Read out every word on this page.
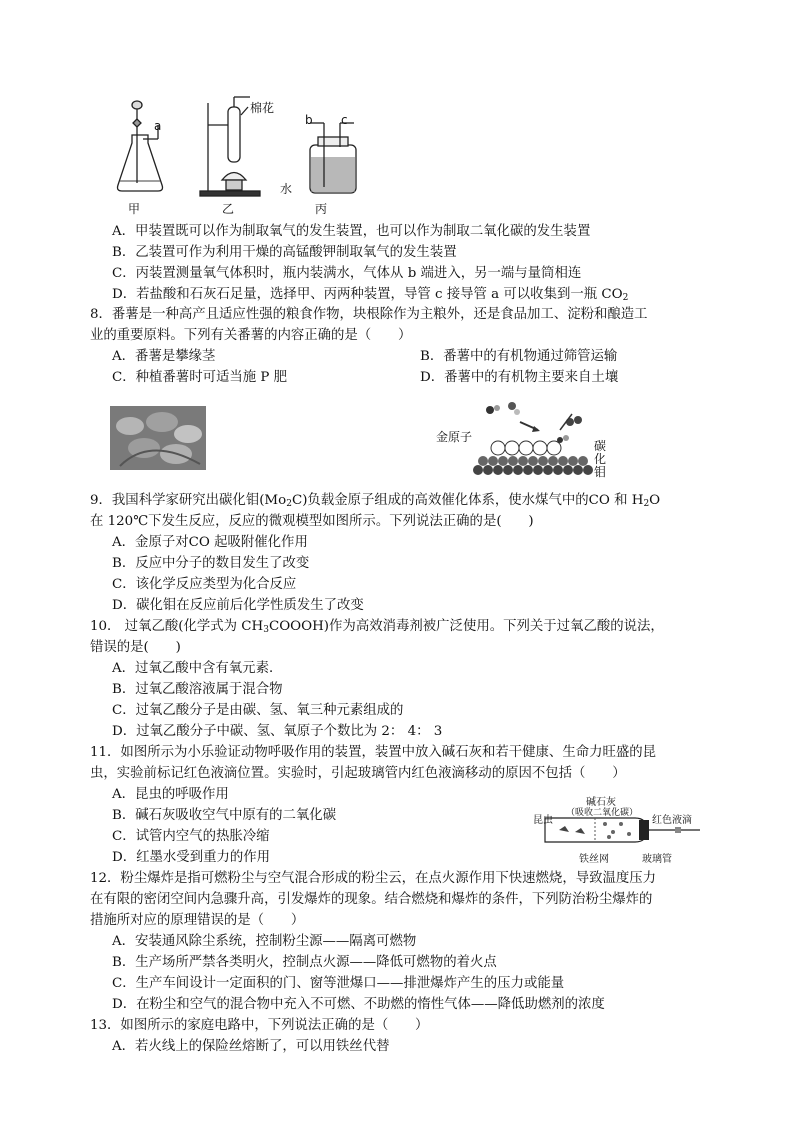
甲	乙	丙
a
棉花
b c
水
A．甲装置既可以作为制取氧气的发生装置，也可以作为制取二氧化碳的发生装置
B．乙装置可作为利用干燥的高锰酸钾制取氧气的发生装置
C．丙装置测量氧气体积时，瓶内装满水，气体从 b 端进入，另一端与量筒相连
D．若盐酸和石灰石足量，选择甲、丙两种装置，导管 c 接导管 a 可以收集到一瓶 $CO_2$
8．番薯是一种高产且适应性强的粮食作物，块根除作为主粮外，还是食品加工、淀粉和酿造工
业的重要原料。下列有关番薯的内容正确的是（　　）
A．番薯是攀缘茎	B．番薯中的有机物通过筛管运输
C．种植番薯时可适当施 P 肥	D．番薯中的有机物主要来自土壤
金原子
碳
化
钼
9．我国科学家研究出碳化钼$(Mo_2C)$负载金原子组成的高效催化体系，使水煤气中的CO 和 $H_2O$
在 120℃下发生反应，反应的微观模型如图所示。下列说法正确的是(　　)
A．金原子对CO 起吸附催化作用
B．反应中分子的数目发生了改变
C．该化学反应类型为化合反应
D．碳化钼在反应前后化学性质发生了改变
10． 过氧乙酸(化学式为 $CH_3COOOH$)作为高效消毒剂被广泛使用。下列关于过氧乙酸的说法，
错误的是(　　)
A．过氧乙酸中含有氧元素．
B．过氧乙酸溶液属于混合物
C．过氧乙酸分子是由碳、氢、氧三种元素组成的
D．过氧乙酸分子中碳、氢、氧原子个数比为 2： 4： 3
11．如图所示为小乐验证动物呼吸作用的装置，装置中放入碱石灰和若干健康、生命力旺盛的昆
虫，实验前标记红色液滴位置。实验时，引起玻璃管内红色液滴移动的原因不包括（　　）
A．昆虫的呼吸作用
B．碱石灰吸收空气中原有的二氧化碳
C．试管内空气的热胀冷缩
D．红墨水受到重力的作用
碱石灰
（吸收二氧化碳）
昆虫	红色液滴
铁丝网	玻璃管
12．粉尘爆炸是指可燃粉尘与空气混合形成的粉尘云，在点火源作用下快速燃烧，导致温度压力
在有限的密闭空间内急骤升高，引发爆炸的现象。结合燃烧和爆炸的条件，下列防治粉尘爆炸的
措施所对应的原理错误的是（　　）
A．安装通风除尘系统，控制粉尘源——隔离可燃物
B．生产场所严禁各类明火，控制点火源——降低可燃物的着火点
C．生产车间设计一定面积的门、窗等泄爆口——排泄爆炸产生的压力或能量
D．在粉尘和空气的混合物中充入不可燃、不助燃的惰性气体——降低助燃剂的浓度
13．如图所示的家庭电路中，下列说法正确的是（　　）
A．若火线上的保险丝熔断了，可以用铁丝代替
